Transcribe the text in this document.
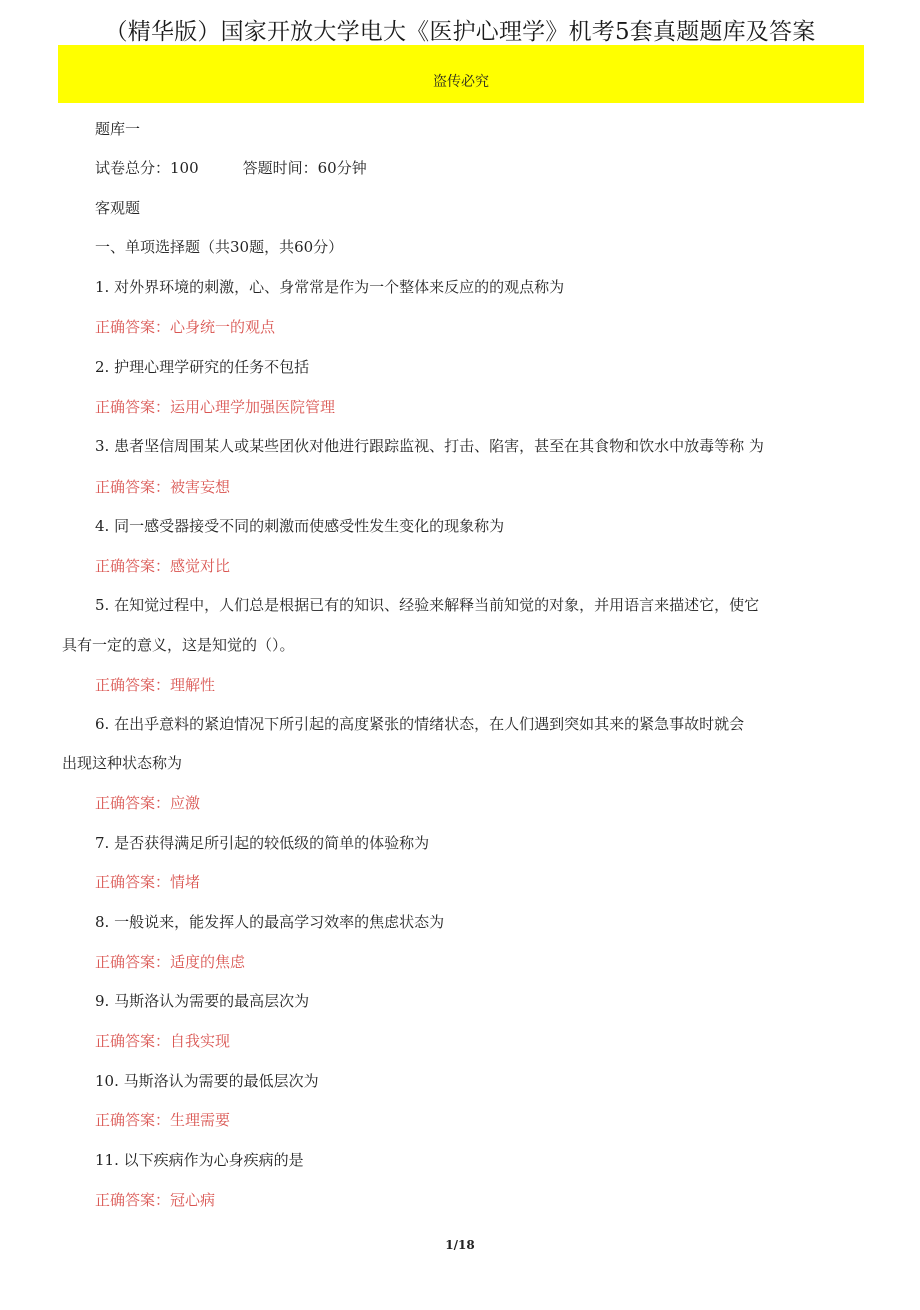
（精华版）国家开放大学电大《医护心理学》机考5套真题题库及答案
盗传必究
题库一
试卷总分：100	答题时间：60分钟
客观题
一、单项选择题（共30题，共60分）
1. 对外界环境的刺激，心、身常常是作为一个整体来反应的的观点称为
正确答案：心身统一的观点
2. 护理心理学研究的任务不包括
正确答案：运用心理学加强医院管理
3. 患者坚信周围某人或某些团伙对他进行跟踪监视、打击、陷害，甚至在其食物和饮水中放毒等称 为
正确答案：被害妄想
4. 同一感受器接受不同的刺激而使感受性发生变化的现象称为
正确答案：感觉对比
5. 在知觉过程中，人们总是根据已有的知识、经验来解释当前知觉的对象，并用语言来描述它，使它
具有一定的意义，这是知觉的（）。
正确答案：理解性
6. 在出乎意料的紧迫情况下所引起的高度紧张的情绪状态，在人们遇到突如其来的紧急事故时就会
出现这种状态称为
正确答案：应激
7. 是否获得满足所引起的较低级的简单的体验称为
正确答案：情堵
8. 一般说来，能发挥人的最高学习效率的焦虑状态为
正确答案：适度的焦虑
9. 马斯洛认为需要的最高层次为
正确答案：自我实现
10. 马斯洛认为需要的最低层次为
正确答案：生理需要
11. 以下疾病作为心身疾病的是
正确答案：冠心病
1/18
